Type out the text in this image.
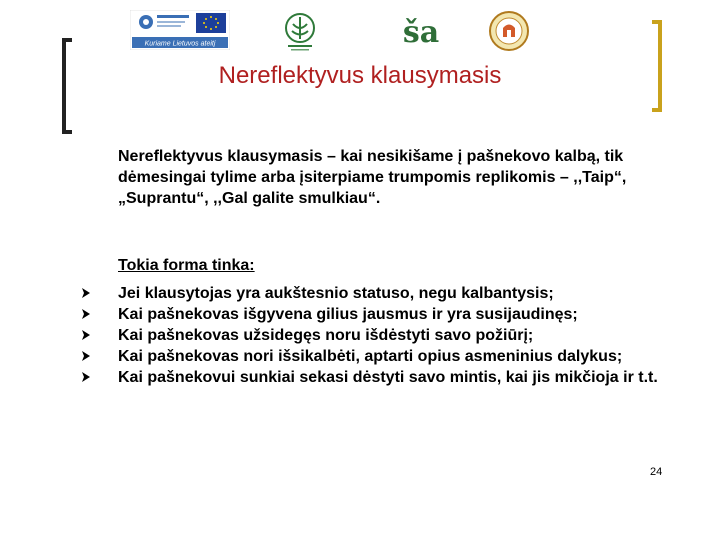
Kuriame Lietuvos ateitį	ša
Nereflektyvus klausymasis
Nereflektyvus klausymasis – kai nesikišame į pašnekovo kalbą, tik dėmesingai tylime arba įsiterpiame trumpomis replikomis – ,,Taip“, „Suprantu“, ,,Gal galite smulkiau“.
Tokia forma tinka:
Jei klausytojas yra aukštesnio statuso, negu kalbantysis;
Kai pašnekovas išgyvena gilius jausmus ir yra susijaudinęs;
Kai pašnekovas užsidegęs noru išdėstyti savo požiūrį;
Kai pašnekovas nori išsikalbėti, aptarti opius asmeninius dalykus;
Kai pašnekovui sunkiai sekasi dėstyti savo mintis, kai jis mikčioja ir t.t.
24
